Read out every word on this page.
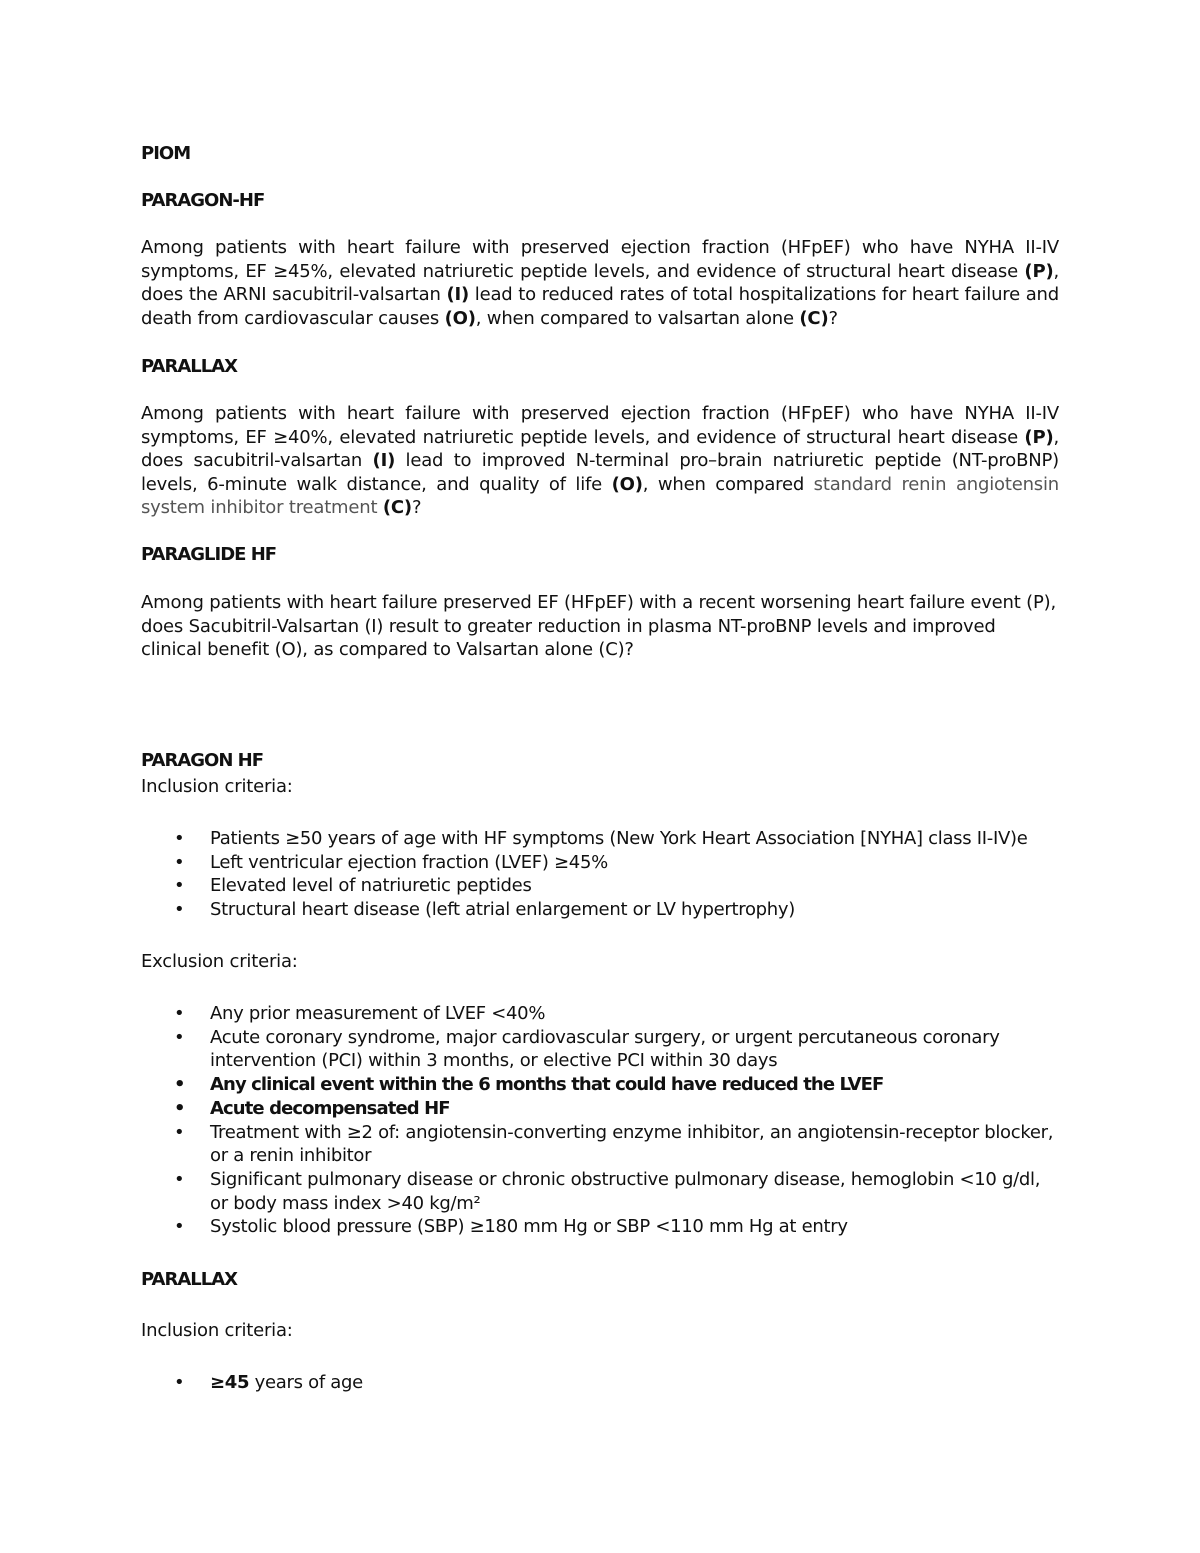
PIOM
PARAGON-HF
Among patients with heart failure with preserved ejection fraction (HFpEF) who have NYHA II-IV symptoms, EF ≥45%, elevated natriuretic peptide levels, and evidence of structural heart disease (P), does the ARNI sacubitril-valsartan (I) lead to reduced rates of total hospitalizations for heart failure and death from cardiovascular causes (O), when compared to valsartan alone (C)?
PARALLAX
Among patients with heart failure with preserved ejection fraction (HFpEF) who have NYHA II-IV symptoms, EF ≥40%, elevated natriuretic peptide levels, and evidence of structural heart disease (P), does sacubitril-valsartan (I) lead to improved N-terminal pro–brain natriuretic peptide (NT-proBNP) levels, 6-minute walk distance, and quality of life (O), when compared standard renin angiotensin system inhibitor treatment (C)?
PARAGLIDE HF
Among patients with heart failure preserved EF (HFpEF) with a recent worsening heart failure event (P), does Sacubitril-Valsartan (I) result to greater reduction in plasma NT-proBNP levels and improved clinical benefit (O), as compared to Valsartan alone (C)?
PARAGON HF
Inclusion criteria:
• Patients ≥50 years of age with HF symptoms (New York Heart Association [NYHA] class II-IV)e
• Left ventricular ejection fraction (LVEF) ≥45%
• Elevated level of natriuretic peptides
• Structural heart disease (left atrial enlargement or LV hypertrophy)
Exclusion criteria:
• Any prior measurement of LVEF <40%
• Acute coronary syndrome, major cardiovascular surgery, or urgent percutaneous coronary intervention (PCI) within 3 months, or elective PCI within 30 days
• Any clinical event within the 6 months that could have reduced the LVEF
• Acute decompensated HF
• Treatment with ≥2 of: angiotensin-converting enzyme inhibitor, an angiotensin-receptor blocker, or a renin inhibitor
• Significant pulmonary disease or chronic obstructive pulmonary disease, hemoglobin <10 g/dl, or body mass index >40 kg/m²
• Systolic blood pressure (SBP) ≥180 mm Hg or SBP <110 mm Hg at entry
PARALLAX
Inclusion criteria:
• ≥45 years of age
